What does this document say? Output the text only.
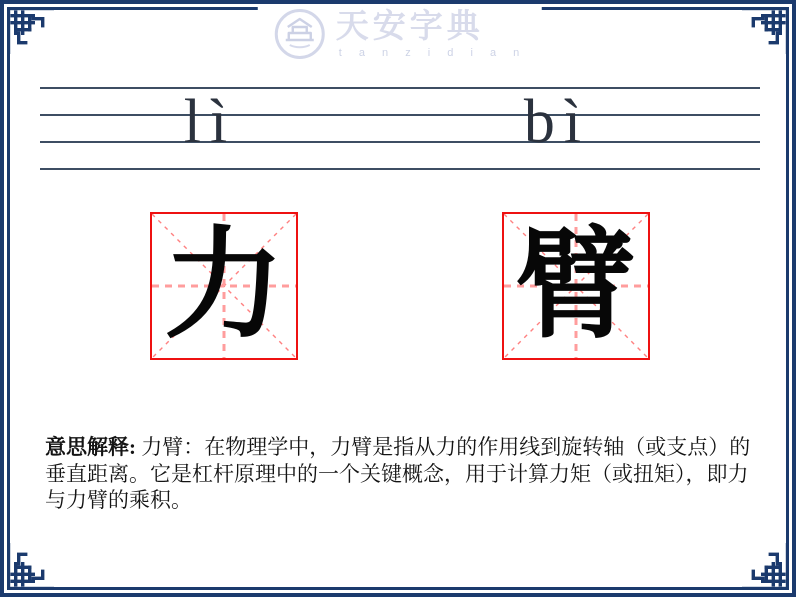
天安字典
t a n z i d i a n
lì	bì
力 臂

意思解释: 力臂：在物理学中，力臂是指从力的作用线到旋转轴（或支点）的垂直距离。它是杠杆原理中的一个关键概念，用于计算力矩（或扭矩），即力与力臂的乘积。
